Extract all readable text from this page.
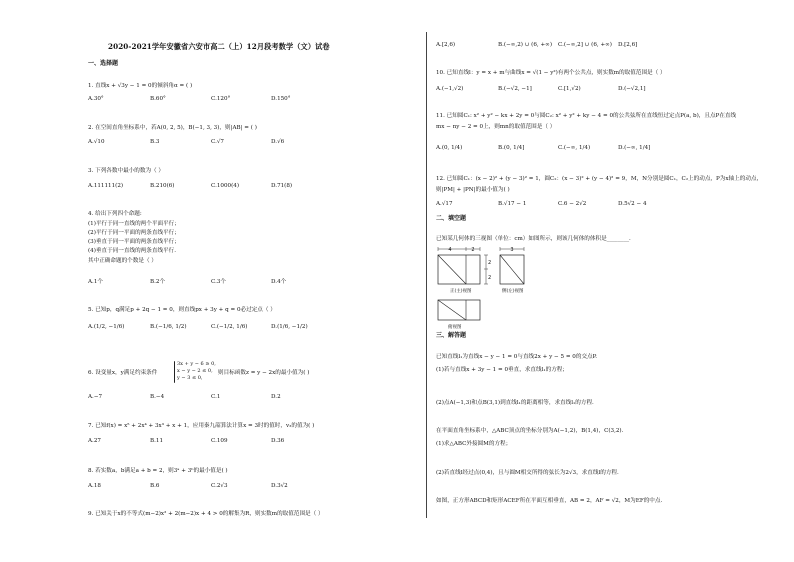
2020-2021学年安徽省六安市高二（上）12月段考数学（文）试卷
一、选择题
1. 直线x + √3y − 1 = 0的倾斜角α = ( )
A.30°	B.60°	C.120°	D.150°
2. 在空间直角坐标系中，若A(0, 2, 5)，B(−1, 3, 3)，则|AB| = ( )
A.√10	B.3	C.√7	D.√6
3. 下列各数中最小的数为（ ）
A.111111(2)	B.210(6)	C.1000(4)	D.71(8)
4. 给出下列四个命题:
(1)平行于同一直线的两个平面平行；
(2)平行于同一平面的两条直线平行；
(3)垂直于同一平面的两条直线平行；
(4)垂直于同一直线的两条直线平行.
其中正确命题的个数是（ ）
A.1个	B.2个	C.3个	D.4个
5. 已知p，q满足p + 2q − 1 = 0，则直线px + 3y + q = 0必过定点（ ）
A.(1/2, −1/6)	B.(−1/6, 1/2)	C.(−1/2, 1/6)	D.(1/6, −1/2)
6. 设变量x，y满足约束条件
3x + y − 6 ≥ 0,
x − y − 2 ≤ 0,
y − 3 ≤ 0,
则目标函数z = y − 2x的最小值为( )
A.−7	B.−4	C.1	D.2
7. 已知f(x) = x⁵ + 2x⁴ + 3x³ + x + 1，应用秦九韶算法计算x = 3时的值时，v₃的值为( )
A.27	B.11	C.109	D.36
8. 若实数a，b满足a + b = 2，则3ᵃ + 3ᵇ的最小值是( )
A.18	B.6	C.2√3	D.3√2
9. 已知关于x的不等式(m−2)x² + 2(m−2)x + 4 > 0的解集为R，则实数m的取值范围是（ ）
A.[2,6)	B.(−∞,2) ∪ (6, +∞) C.(−∞,2] ∪ (6, +∞) D.[2,6]
10. 已知直线l：y = x + m与曲线x = √(1 − y²)有两个公共点，则实数m的取值范围是（ ）
A.(−1,√2)	B.(−√2, −1]	C.[1,√2)	D.(−√2,1]
11. 已知圆C₁: x² + y² − kx + 2y = 0与圆C₂: x² + y² + ky − 4 = 0的公共弦所在直线恒过定点P(a, b)，且点P在直线
mx − ny − 2 = 0上，则mn的取值范围是（ ）
A.(0, 1/4)	B.(0, 1/4]	C.(−∞, 1/4)	D.(−∞, 1/4]
12. 已知圆C₁：(x − 2)² + (y − 3)² = 1，圆C₂：(x − 3)² + (y − 4)² = 9，M，N分别是圆C₁，C₂上的动点，P为x轴上的动点，
则|PM| + |PN|的最小值为( )
A.√17	B.√17 − 1	C.6 − 2√2	D.5√2 − 4
二、填空题
已知某几何体的三视图（单位：cm）如图所示，则该几何体的体积是________.
4	2
2
2
3
正(主)视图	侧(左)视图
俯视图
三、解答题
已知直线l₁为直线x − y − 1 = 0与直线2x + y − 5 = 0的交点P.
(1)若与直线x + 3y − 1 = 0垂直，求直线l₁的方程；
(2)点A(−1,3)和点B(3,1)到直线l₁的距离相等，求直线l₁的方程.
在平面直角坐标系中，△ABC顶点的坐标分别为A(−1,2)，B(1,4)，C(3,2).
(1)求△ABC外接圆M的方程；
(2)若直线l经过点(0,4)，且与圆M相交所得的弦长为2√3，求直线l的方程.
如图，正方形ABCD和矩形ACEF所在平面互相垂直，AB = 2，AF = √2，M为EF的中点.
